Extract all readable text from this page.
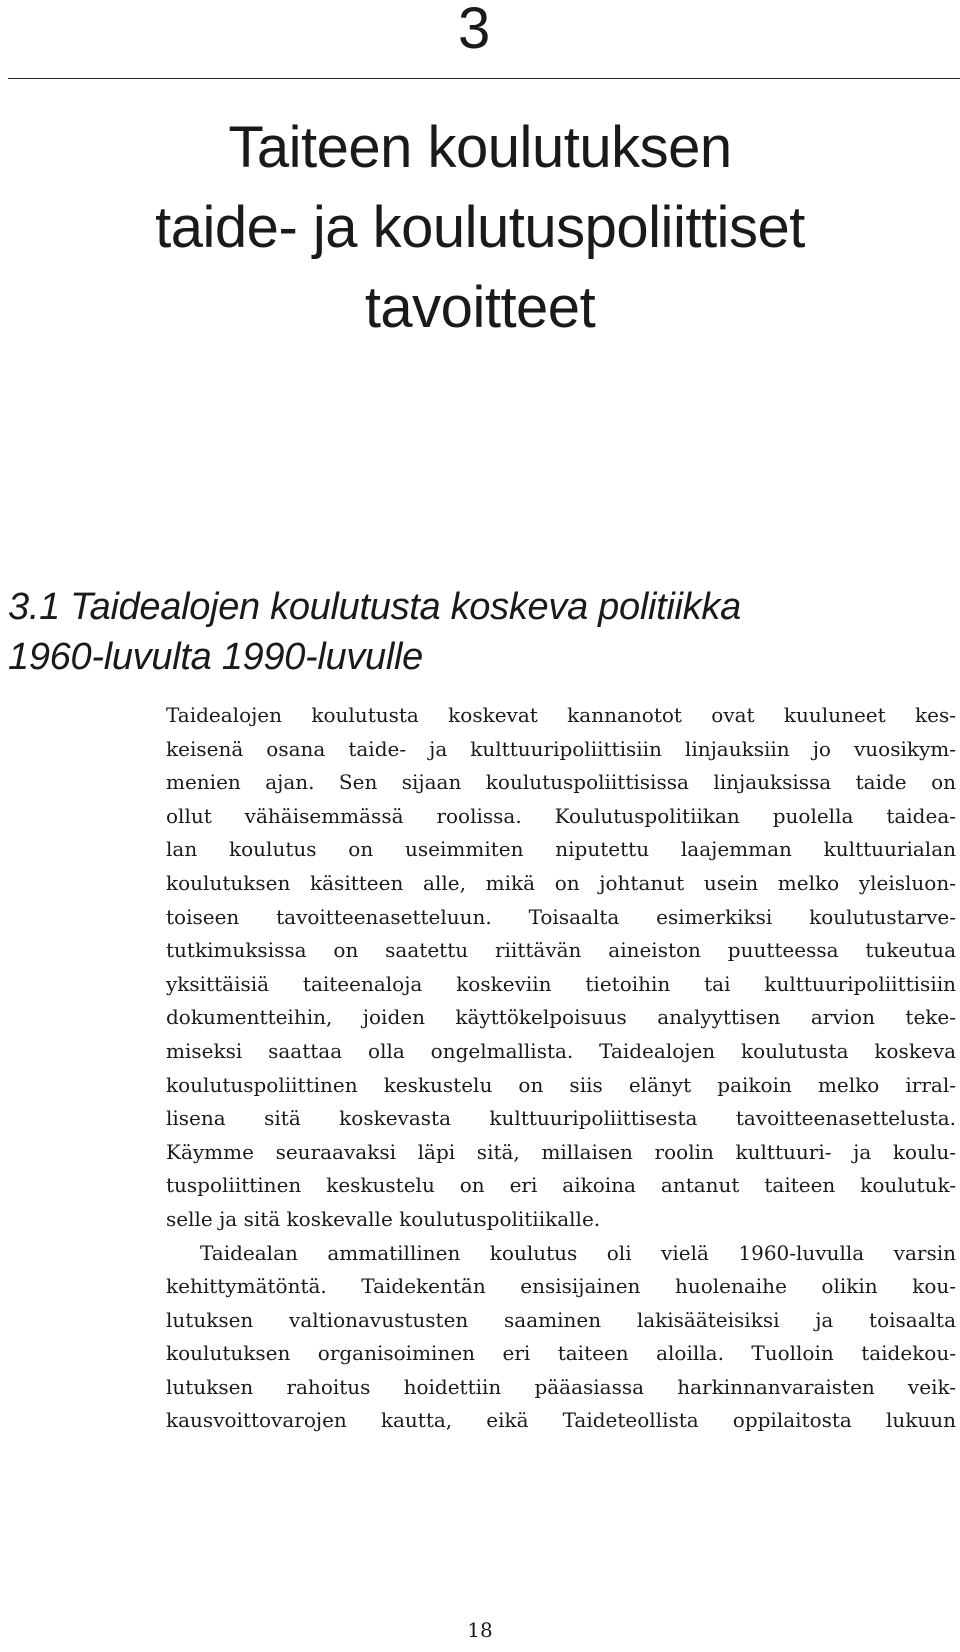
3
Taiteen koulutuksen
taide- ja koulutuspoliittiset
tavoitteet
3.1 Taidealojen koulutusta koskeva politiikka
1960-luvulta 1990-luvulle
Taidealojen koulutusta koskevat kannanotot ovat kuuluneet kes-
keisenä osana taide- ja kulttuuripoliittisiin linjauksiin jo vuosikym-
menien ajan. Sen sijaan koulutuspoliittisissa linjauksissa taide on
ollut vähäisemmässä roolissa. Koulutuspolitiikan puolella taidea-
lan koulutus on useimmiten niputettu laajemman kulttuurialan
koulutuksen käsitteen alle, mikä on johtanut usein melko yleisluon-
toiseen tavoitteenasetteluun. Toisaalta esimerkiksi koulutustarve-
tutkimuksissa on saatettu riittävän aineiston puutteessa tukeutua
yksittäisiä taiteenaloja koskeviin tietoihin tai kulttuuripoliittisiin
dokumentteihin, joiden käyttökelpoisuus analyyttisen arvion teke-
miseksi saattaa olla ongelmallista. Taidealojen koulutusta koskeva
koulutuspoliittinen keskustelu on siis elänyt paikoin melko irral-
lisena sitä koskevasta kulttuuripoliittisesta tavoitteenasettelusta.
Käymme seuraavaksi läpi sitä, millaisen roolin kulttuuri- ja koulu-
tuspoliittinen keskustelu on eri aikoina antanut taiteen koulutuk-
selle ja sitä koskevalle koulutuspolitiikalle.
Taidealan ammatillinen koulutus oli vielä 1960-luvulla varsin
kehittymätöntä. Taidekentän ensisijainen huolenaihe olikin kou-
lutuksen valtionavustusten saaminen lakisääteisiksi ja toisaalta
koulutuksen organisoiminen eri taiteen aloilla. Tuolloin taidekou-
lutuksen rahoitus hoidettiin pääasiassa harkinnanvaraisten veik-
kausvoittovarojen kautta, eikä Taideteollista oppilaitosta lukuun
18
